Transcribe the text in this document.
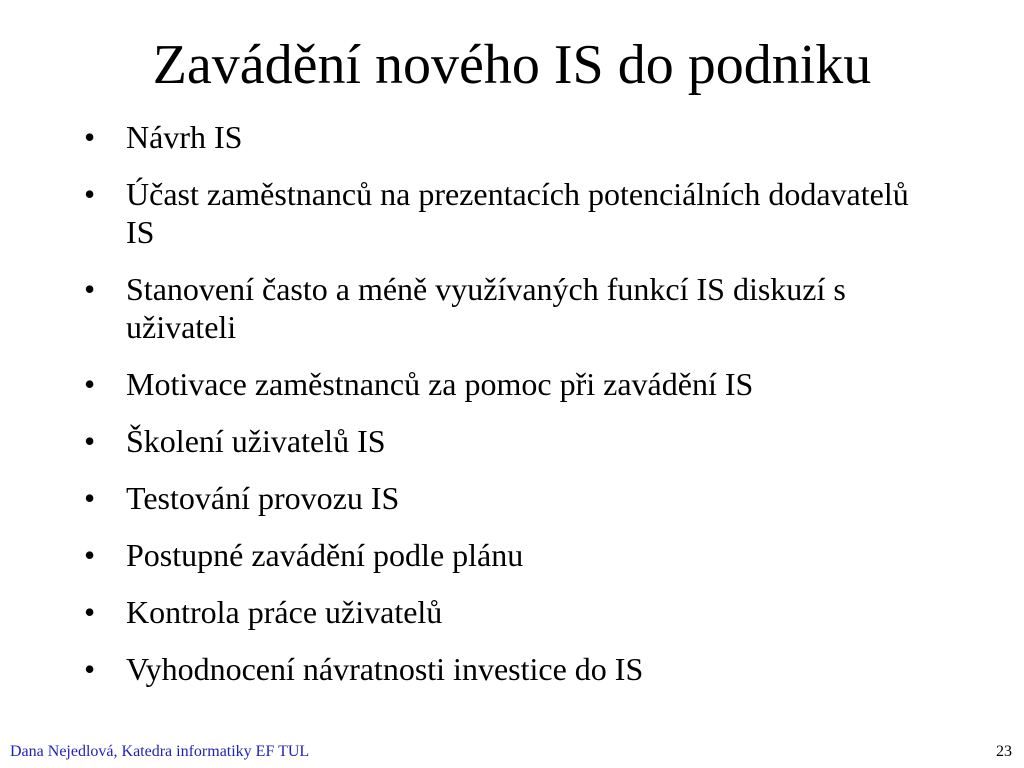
Zavádění nového IS do podniku
• Návrh IS
• Účast zaměstnanců na prezentacích potenciálních dodavatelů IS
• Stanovení často a méně využívaných funkcí IS diskuzí s uživateli
• Motivace zaměstnanců za pomoc při zavádění IS
• Školení uživatelů IS
• Testování provozu IS
• Postupné zavádění podle plánu
• Kontrola práce uživatelů
• Vyhodnocení návratnosti investice do IS
Dana Nejedlová, Katedra informatiky EF TUL	23
